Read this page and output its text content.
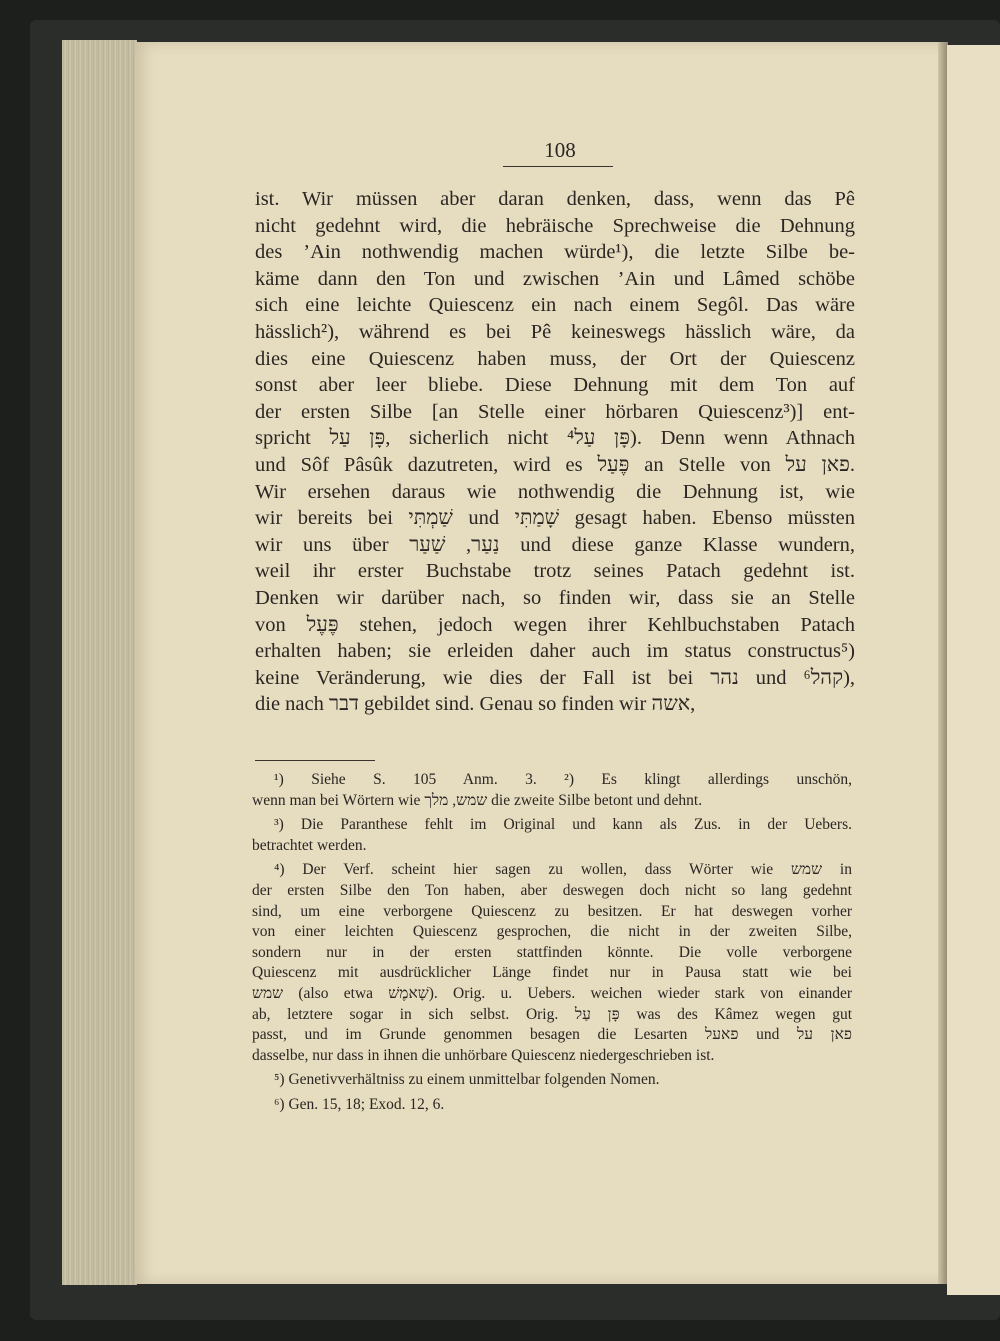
108
ist. Wir müssen aber daran denken, dass, wenn das Pê
nicht gedehnt wird, die hebräische Sprechweise die Dehnung
des ’Ain nothwendig machen würde¹), die letzte Silbe be-
käme dann den Ton und zwischen ’Ain und Lâmed schöbe
sich eine leichte Quiescenz ein nach einem Segôl. Das wäre
hässlich²), während es bei Pê keineswegs hässlich wäre, da
dies eine Quiescenz haben muss, der Ort der Quiescenz
sonst aber leer bliebe. Diese Dehnung mit dem Ton auf
der ersten Silbe [an Stelle einer hörbaren Quiescenz³)] ent-
spricht פָּן עַל, sicherlich nicht פָּן עַל⁴). Denn wenn Athnach
und Sôf Pâsûk dazutreten, wird es פֶּעַל an Stelle von פאן על.
Wir ersehen daraus wie nothwendig die Dehnung ist, wie
wir bereits bei שַׁמְתִּי und שָׁמַתִּי gesagt haben. Ebenso müssten
wir uns über נַעַר, שַׁעַר und diese ganze Klasse wundern,
weil ihr erster Buchstabe trotz seines Patach gedehnt ist.
Denken wir darüber nach, so finden wir, dass sie an Stelle
von פֶּעֶל stehen, jedoch wegen ihrer Kehlbuchstaben Patach
erhalten haben; sie erleiden daher auch im status constructus⁵)
keine Veränderung, wie dies der Fall ist bei נהר und קהל⁶),
die nach דבר gebildet sind. Genau so finden wir אשה,
¹) Siehe S. 105 Anm. 3. ²) Es klingt allerdings unschön,
wenn man bei Wörtern wie שמש, מלך die zweite Silbe betont und dehnt.
³) Die Paranthese fehlt im Original und kann als Zus. in der Uebers.
betrachtet werden.
⁴) Der Verf. scheint hier sagen zu wollen, dass Wörter wie שמש in
der ersten Silbe den Ton haben, aber deswegen doch nicht so lang gedehnt
sind, um eine verborgene Quiescenz zu besitzen. Er hat deswegen vorher
von einer leichten Quiescenz gesprochen, die nicht in der zweiten Silbe,
sondern nur in der ersten stattfinden könnte. Die volle verborgene
Quiescenz mit ausdrücklicher Länge findet nur in Pausa statt wie bei
שמש (also etwa שָׁאמֶשׁ). Orig. u. Uebers. weichen wieder stark von einander
ab, letztere sogar in sich selbst. Orig. פָּן עַל was des Kâmez wegen gut
passt, und im Grunde genommen besagen die Lesarten פאעל und פאן על
dasselbe, nur dass in ihnen die unhörbare Quiescenz niedergeschrieben ist.
⁵) Genetivverhältniss zu einem unmittelbar folgenden Nomen.
⁶) Gen. 15, 18; Exod. 12, 6.
